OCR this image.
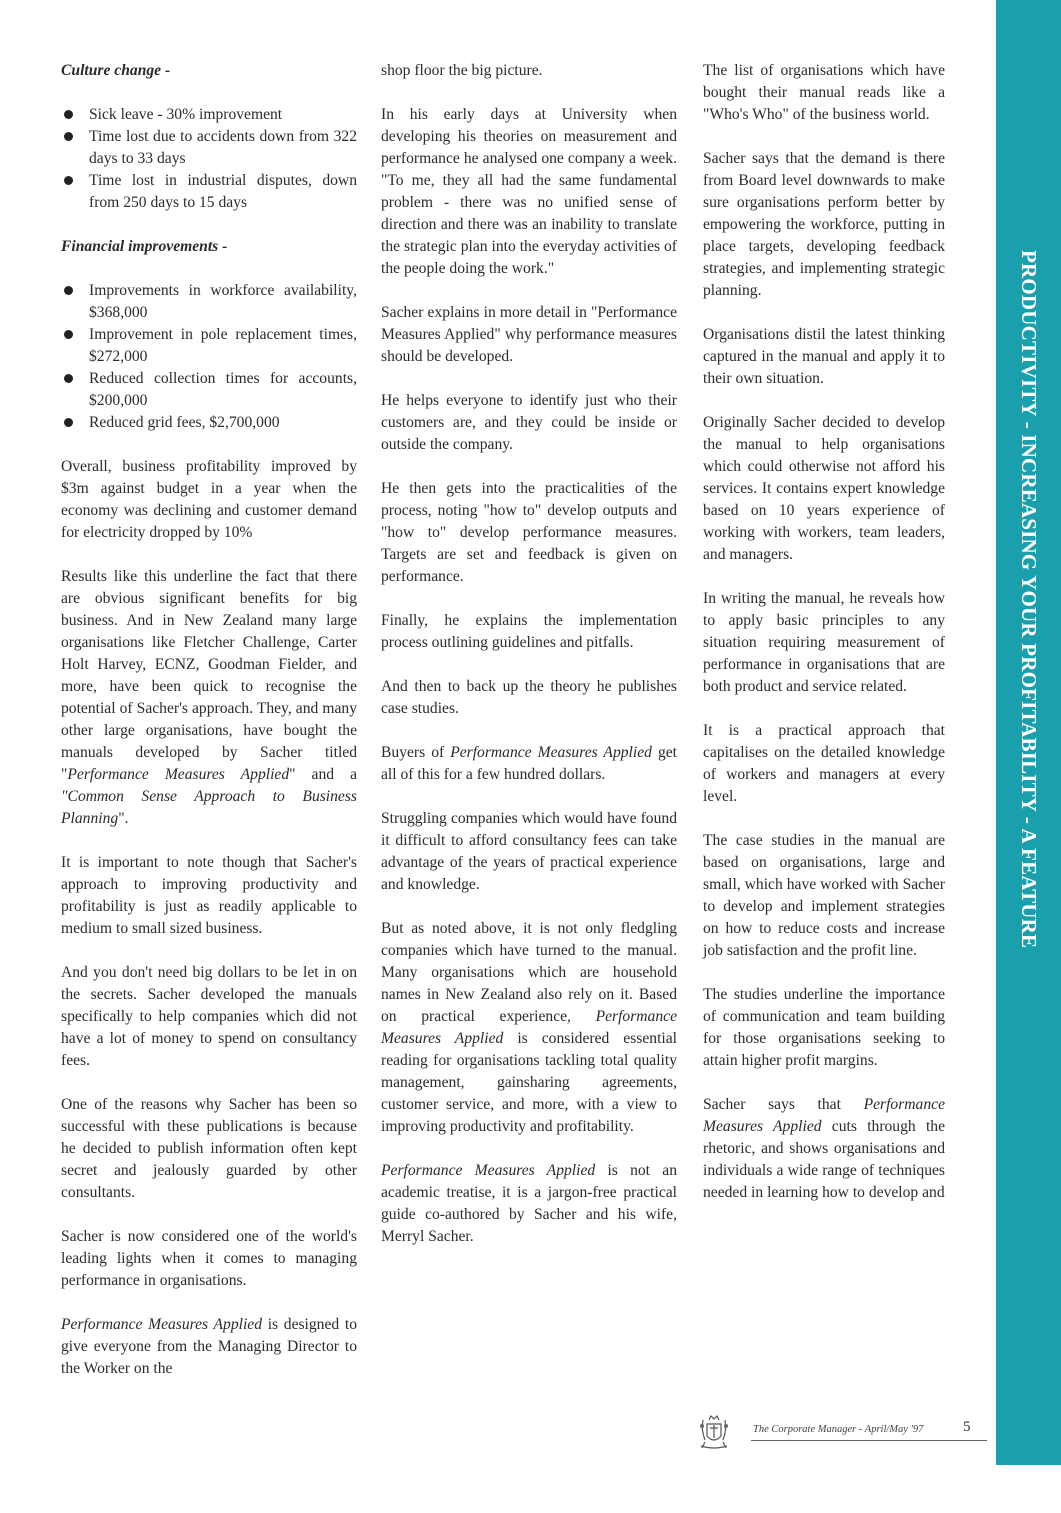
Culture change -

Sick leave - 30% improvement
Time lost due to accidents down from 322 days to 33 days
Time lost in industrial disputes, down from 250 days to 15 days

Financial improvements -

Improvements in workforce availability, $368,000
Improvement in pole replacement times, $272,000
Reduced collection times for accounts, $200,000
Reduced grid fees, $2,700,000

Overall, business profitability improved by $3m against budget in a year when the economy was declining and customer demand for electricity dropped by 10%

Results like this underline the fact that there are obvious significant benefits for big business. And in New Zealand many large organisations like Fletcher Challenge, Carter Holt Harvey, ECNZ, Goodman Fielder, and more, have been quick to recognise the potential of Sacher's approach. They, and many other large organisations, have bought the manuals developed by Sacher titled "Performance Measures Applied" and a "Common Sense Approach to Business Planning".

It is important to note though that Sacher's approach to improving productivity and profitability is just as readily applicable to medium to small sized business.

And you don't need big dollars to be let in on the secrets. Sacher developed the manuals specifically to help companies which did not have a lot of money to spend on consultancy fees.

One of the reasons why Sacher has been so successful with these publications is because he decided to publish information often kept secret and jealously guarded by other consultants.

Sacher is now considered one of the world's leading lights when it comes to managing performance in organisations.

Performance Measures Applied is designed to give everyone from the Managing Director to the Worker on the

shop floor the big picture.

In his early days at University when developing his theories on measurement and performance he analysed one company a week. "To me, they all had the same fundamental problem - there was no unified sense of direction and there was an inability to translate the strategic plan into the everyday activities of the people doing the work."

Sacher explains in more detail in "Performance Measures Applied" why performance measures should be developed.

He helps everyone to identify just who their customers are, and they could be inside or outside the company.

He then gets into the practicalities of the process, noting "how to" develop outputs and "how to" develop performance measures. Targets are set and feedback is given on performance.

Finally, he explains the implementation process outlining guidelines and pitfalls.

And then to back up the theory he publishes case studies.

Buyers of Performance Measures Applied get all of this for a few hundred dollars.

Struggling companies which would have found it difficult to afford consultancy fees can take advantage of the years of practical experience and knowledge.

But as noted above, it is not only fledgling companies which have turned to the manual. Many organisations which are household names in New Zealand also rely on it. Based on practical experience, Performance Measures Applied is considered essential reading for organisations tackling total quality management, gainsharing agreements, customer service, and more, with a view to improving productivity and profitability.

Performance Measures Applied is not an academic treatise, it is a jargon-free practical guide co-authored by Sacher and his wife, Merryl Sacher.

The list of organisations which have bought their manual reads like a "Who's Who" of the business world.

Sacher says that the demand is there from Board level downwards to make sure organisations perform better by empowering the workforce, putting in place targets, developing feedback strategies, and implementing strategic planning.

Organisations distil the latest thinking captured in the manual and apply it to their own situation.

Originally Sacher decided to develop the manual to help organisations which could otherwise not afford his services. It contains expert knowledge based on 10 years experience of working with workers, team leaders, and managers.

In writing the manual, he reveals how to apply basic principles to any situation requiring measurement of performance in organisations that are both product and service related.

It is a practical approach that capitalises on the detailed knowledge of workers and managers at every level.

The case studies in the manual are based on organisations, large and small, which have worked with Sacher to develop and implement strategies on how to reduce costs and increase job satisfaction and the profit line.

The studies underline the importance of communication and team building for those organisations seeking to attain higher profit margins.

Sacher says that Performance Measures Applied cuts through the rhetoric, and shows organisations and individuals a wide range of techniques needed in learning how to develop and

PRODUCTIVITY - INCREASING YOUR PROFITABILITY - A FEATURE
The Corporate Manager - April/May '97	5
